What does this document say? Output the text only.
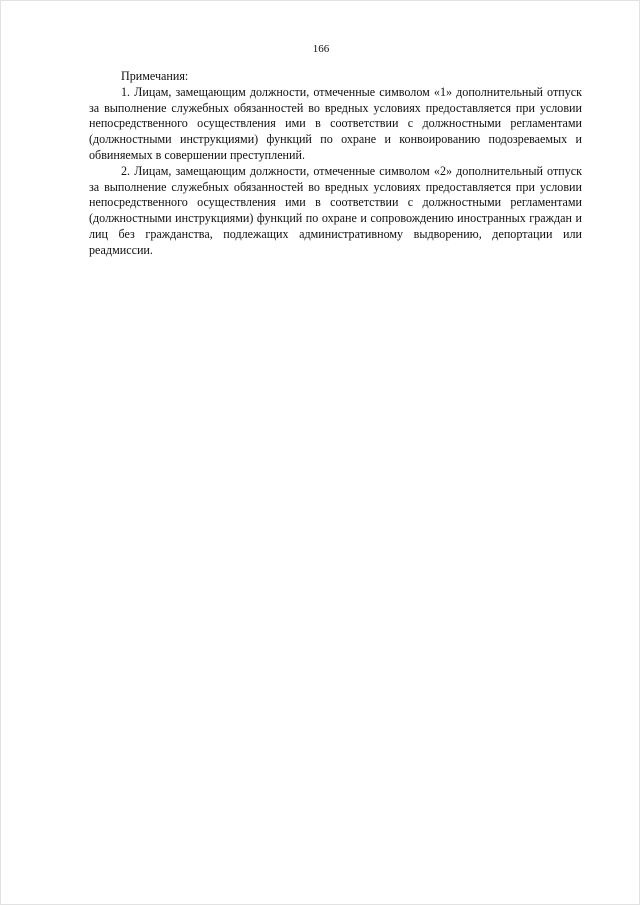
166

Примечания:

1. Лицам, замещающим должности, отмеченные символом «1» дополнительный отпуск за выполнение служебных обязанностей во вредных условиях предоставляется при условии непосредственного осуществления ими в соответствии с должностными регламентами (должностными инструкциями) функций по охране и конвоированию подозреваемых и обвиняемых в совершении преступлений.

2. Лицам, замещающим должности, отмеченные символом «2» дополнительный отпуск за выполнение служебных обязанностей во вредных условиях предоставляется при условии непосредственного осуществления ими в соответствии с должностными регламентами (должностными инструкциями) функций по охране и сопровождению иностранных граждан и лиц без гражданства, подлежащих административному выдворению, депортации или реадмиссии.
